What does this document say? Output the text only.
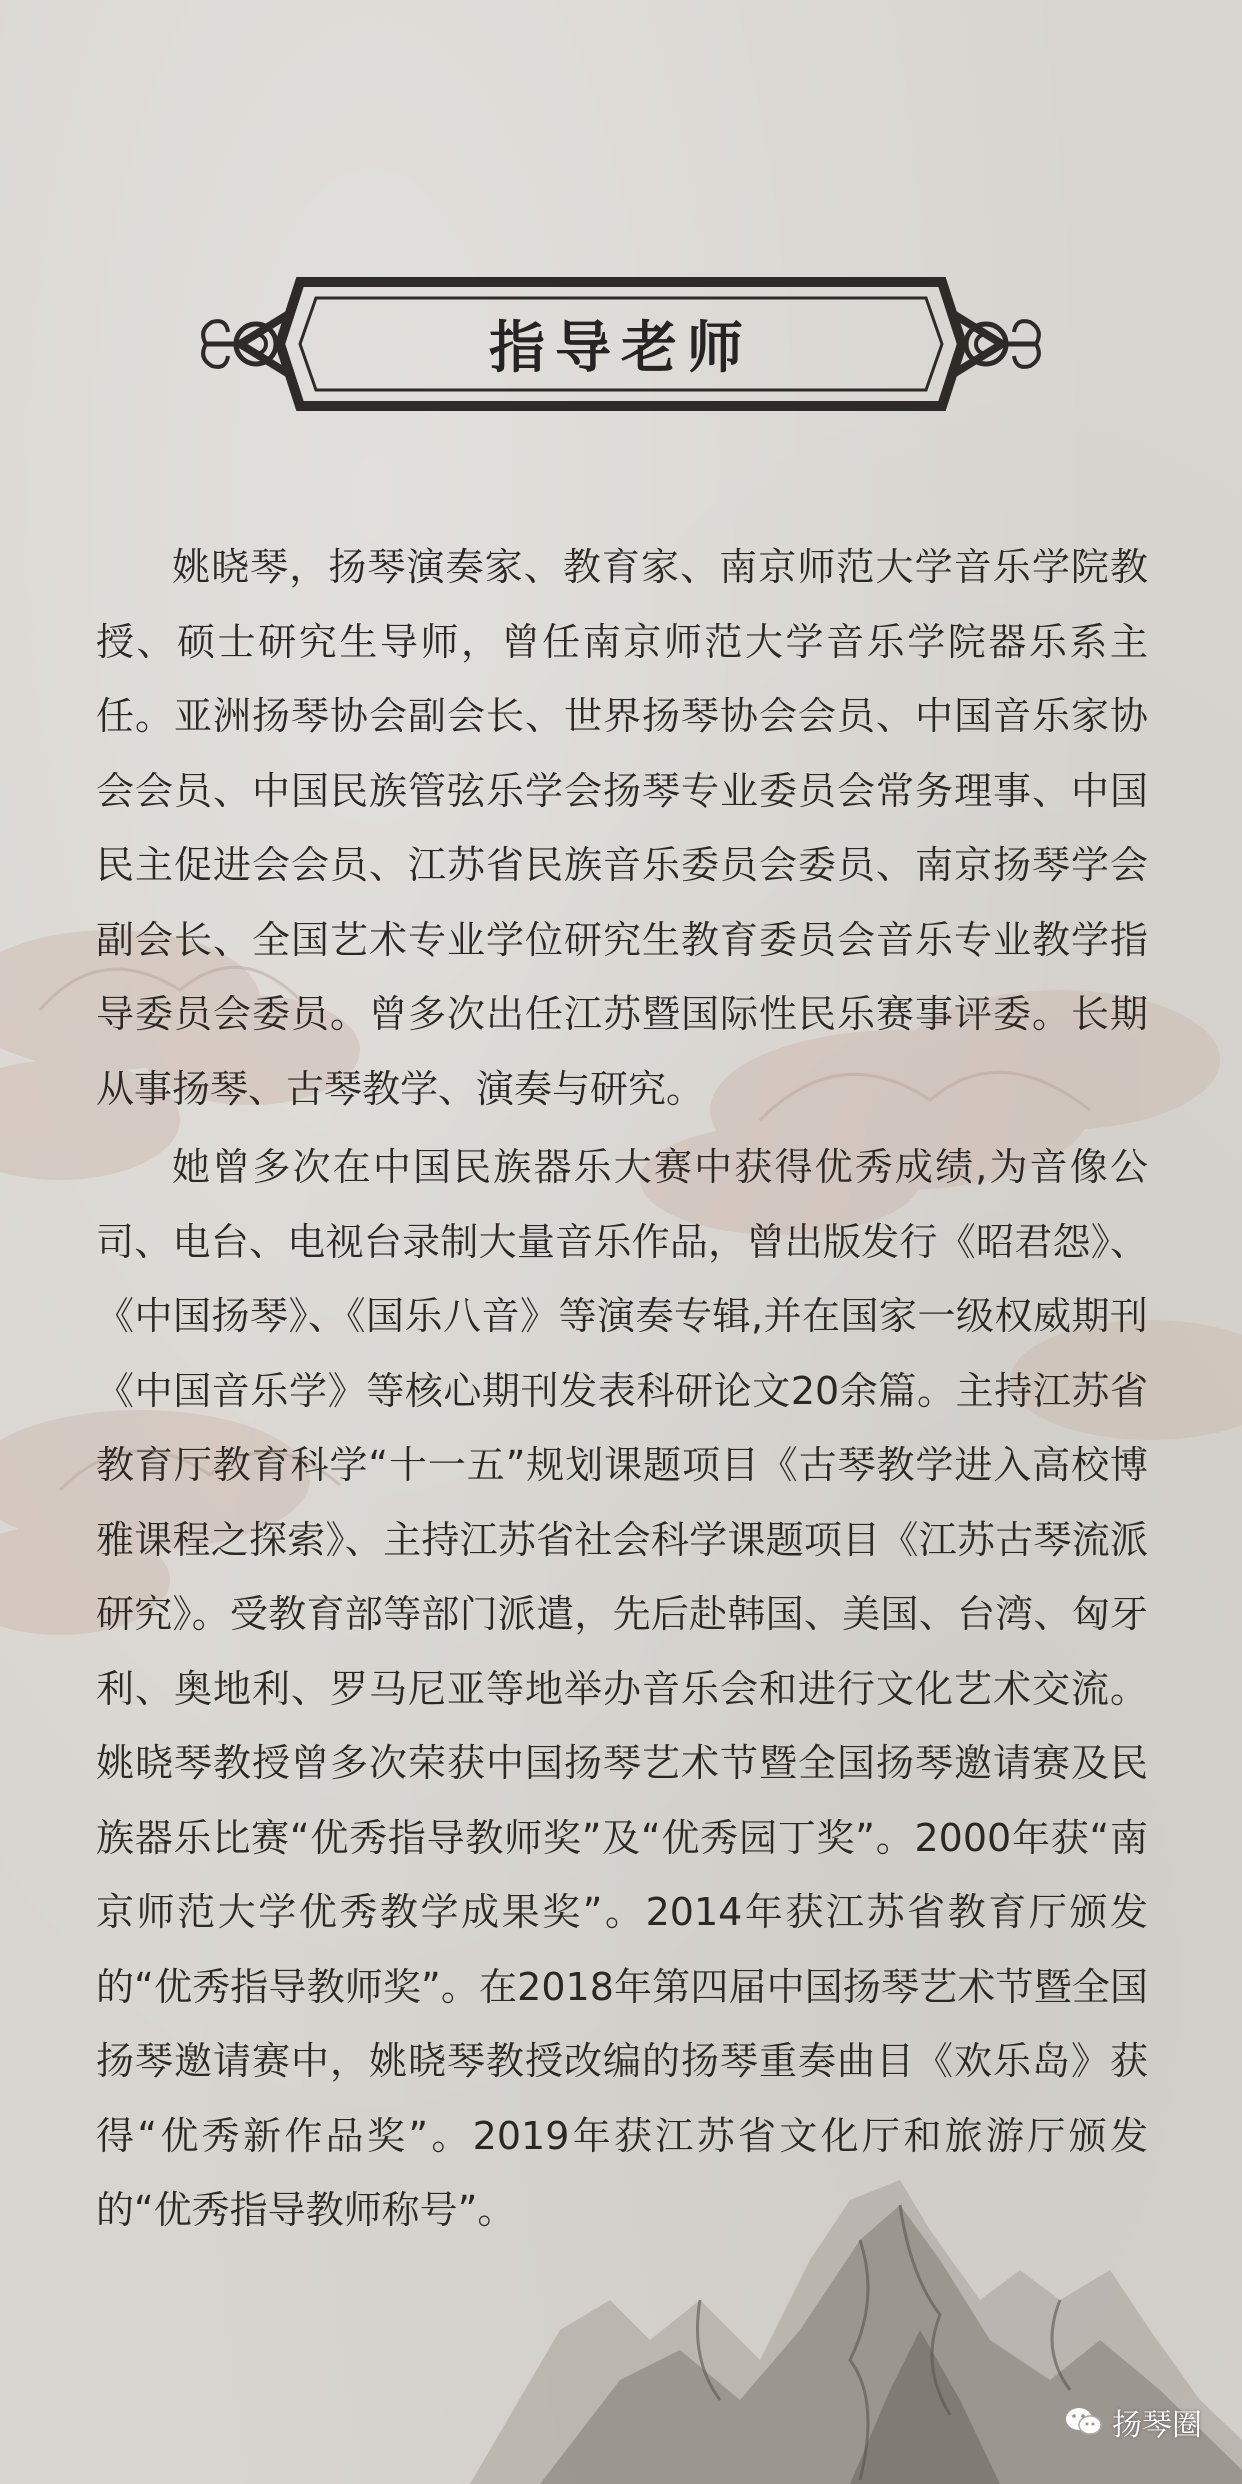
指导老师

姚晓琴，扬琴演奏家、教育家、南京师范大学音乐学院教授、硕士研究生导师，曾任南京师范大学音乐学院器乐系主任。亚洲扬琴协会副会长、世界扬琴协会会员、中国音乐家协会会员、中国民族管弦乐学会扬琴专业委员会常务理事、中国民主促进会会员、江苏省民族音乐委员会委员、南京扬琴学会副会长、全国艺术专业学位研究生教育委员会音乐专业教学指导委员会委员。曾多次出任江苏暨国际性民乐赛事评委。长期从事扬琴、古琴教学、演奏与研究。

她曾多次在中国民族器乐大赛中获得优秀成绩,为音像公司、电台、电视台录制大量音乐作品，曾出版发行《昭君怨》、《中国扬琴》、《国乐八音》等演奏专辑,并在国家一级权威期刊《中国音乐学》等核心期刊发表科研论文20余篇。主持江苏省教育厅教育科学“十一五”规划课题项目《古琴教学进入高校博雅课程之探索》、主持江苏省社会科学课题项目《江苏古琴流派研究》。受教育部等部门派遣，先后赴韩国、美国、台湾、匈牙利、奥地利、罗马尼亚等地举办音乐会和进行文化艺术交流。姚晓琴教授曾多次荣获中国扬琴艺术节暨全国扬琴邀请赛及民族器乐比赛“优秀指导教师奖”及“优秀园丁奖”。2000年获“南京师范大学优秀教学成果奖”。2014年获江苏省教育厅颁发的“优秀指导教师奖”。在2018年第四届中国扬琴艺术节暨全国扬琴邀请赛中，姚晓琴教授改编的扬琴重奏曲目《欢乐岛》获得“优秀新作品奖”。2019年获江苏省文化厅和旅游厅颁发的“优秀指导教师称号”。

扬琴圈
